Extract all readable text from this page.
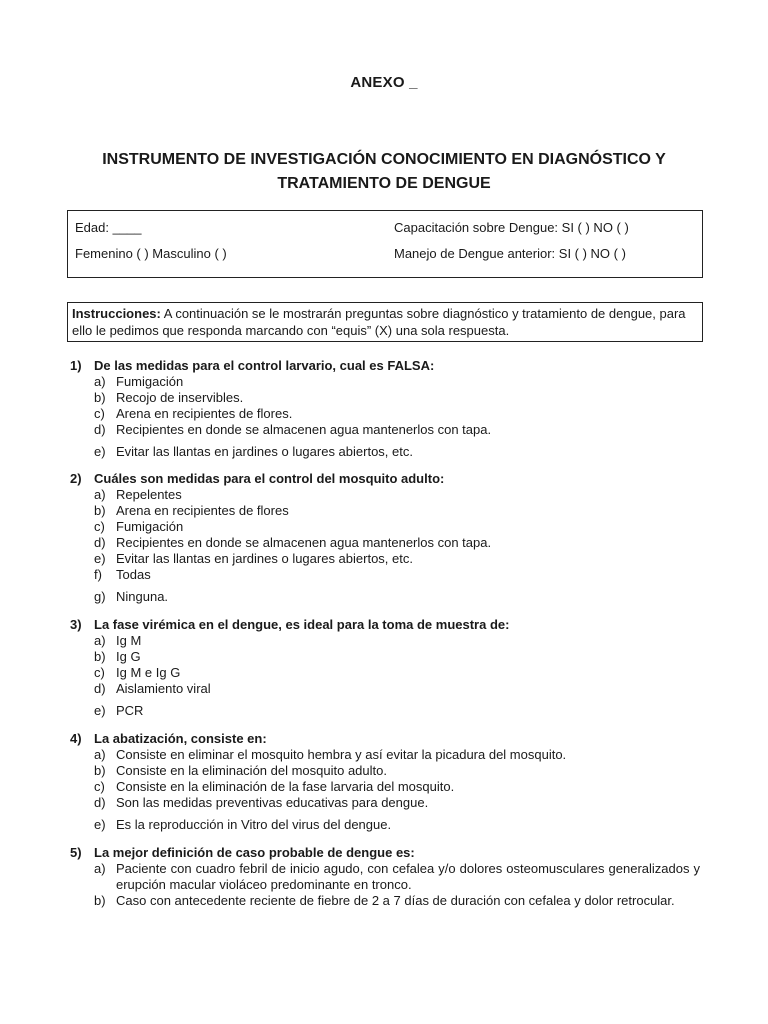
ANEXO _
INSTRUMENTO DE INVESTIGACIÓN CONOCIMIENTO EN DIAGNÓSTICO Y
TRATAMIENTO DE DENGUE
Edad: ____	Capacitación sobre Dengue: SI ( ) NO ( )
Femenino ( ) Masculino ( )	Manejo de Dengue anterior: SI ( ) NO ( )
Instrucciones: A continuación se le mostrarán preguntas sobre diagnóstico y tratamiento de dengue, para ello le pedimos que responda marcando con “equis” (X) una sola respuesta.
1) De las medidas para el control larvario, cual es FALSA:
a) Fumigación
b) Recojo de inservibles.
c) Arena en recipientes de flores.
d) Recipientes en donde se almacenen agua mantenerlos con tapa.
e) Evitar las llantas en jardines o lugares abiertos, etc.
2) Cuáles son medidas para el control del mosquito adulto:
a) Repelentes
b) Arena en recipientes de flores
c) Fumigación
d) Recipientes en donde se almacenen agua mantenerlos con tapa.
e) Evitar las llantas en jardines o lugares abiertos, etc.
f) Todas
g) Ninguna.
3) La fase virémica en el dengue, es ideal para la toma de muestra de:
a) Ig M
b) Ig G
c) Ig M e Ig G
d) Aislamiento viral
e) PCR
4) La abatización, consiste en:
a) Consiste en eliminar el mosquito hembra y así evitar la picadura del mosquito.
b) Consiste en la eliminación del mosquito adulto.
c) Consiste en la eliminación de la fase larvaria del mosquito.
d) Son las medidas preventivas educativas para dengue.
e) Es la reproducción in Vitro del virus del dengue.
5) La mejor definición de caso probable de dengue es:
a) Paciente con cuadro febril de inicio agudo, con cefalea y/o dolores osteomusculares generalizados y erupción macular violáceo predominante en tronco.
b) Caso con antecedente reciente de fiebre de 2 a 7 días de duración con cefalea y dolor retrocular.
